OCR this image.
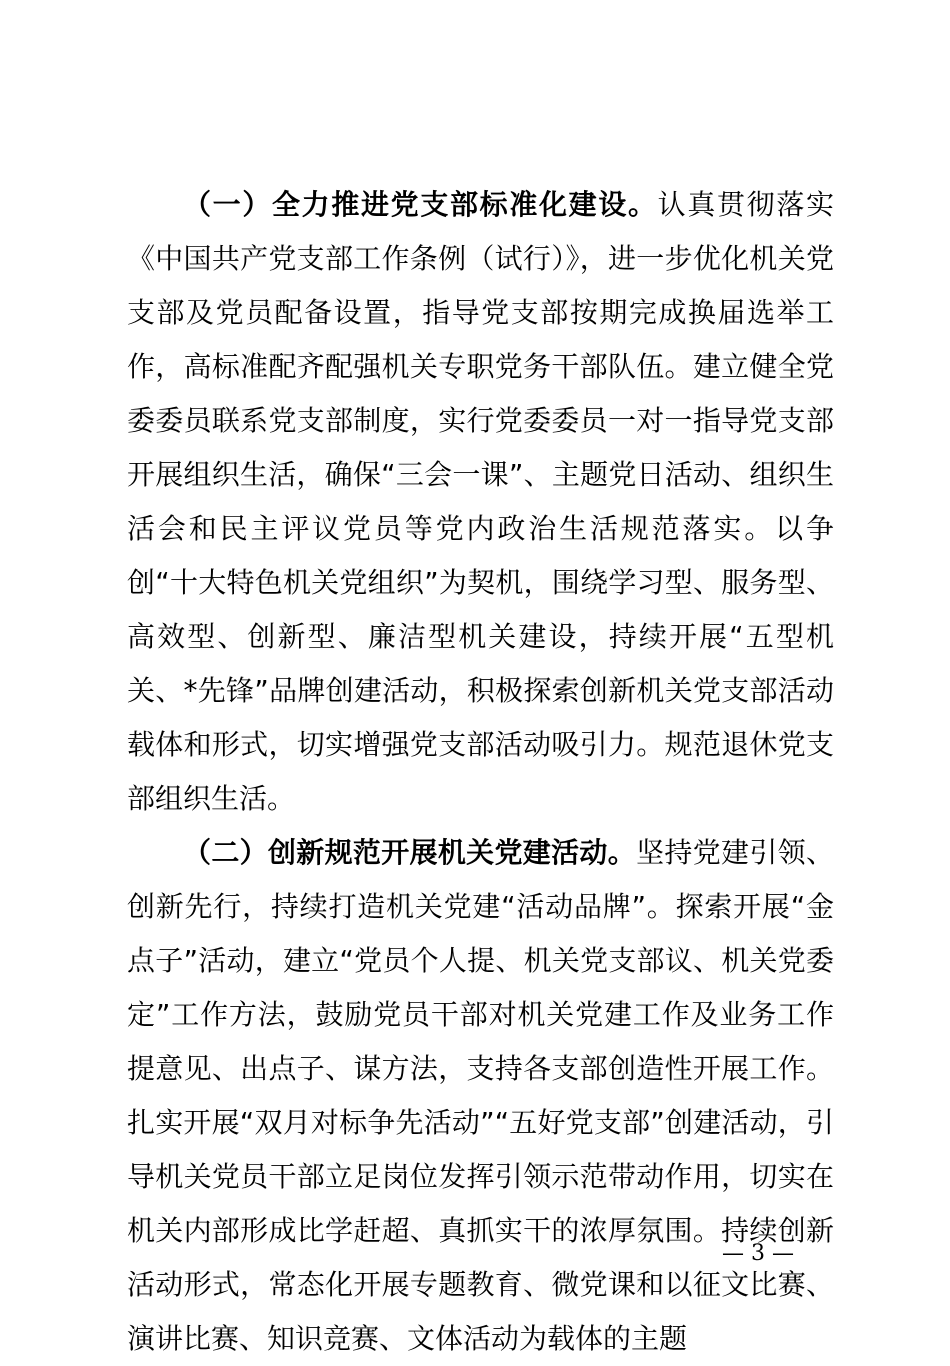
（一）全力推进党支部标准化建设。认真贯彻落实《中国共产党支部工作条例（试行）》，进一步优化机关党支部及党员配备设置，指导党支部按期完成换届选举工作，高标准配齐配强机关专职党务干部队伍。建立健全党委委员联系党支部制度，实行党委委员一对一指导党支部开展组织生活，确保“三会一课”、主题党日活动、组织生活会和民主评议党员等党内政治生活规范落实。以争创“十大特色机关党组织”为契机，围绕学习型、服务型、高效型、创新型、廉洁型机关建设，持续开展“五型机关、*先锋”品牌创建活动，积极探索创新机关党支部活动载体和形式，切实增强党支部活动吸引力。规范退休党支部组织生活。

（二）创新规范开展机关党建活动。坚持党建引领、创新先行，持续打造机关党建“活动品牌”。探索开展“金点子”活动，建立“党员个人提、机关党支部议、机关党委定”工作方法，鼓励党员干部对机关党建工作及业务工作提意见、出点子、谋方法，支持各支部创造性开展工作。扎实开展“双月对标争先活动”“五好党支部”创建活动，引导机关党员干部立足岗位发挥引领示范带动作用，切实在机关内部形成比学赶超、真抓实干的浓厚氛围。持续创新活动形式，常态化开展专题教育、微党课和以征文比赛、演讲比赛、知识竞赛、文体活动为载体的主题

— 3 —
